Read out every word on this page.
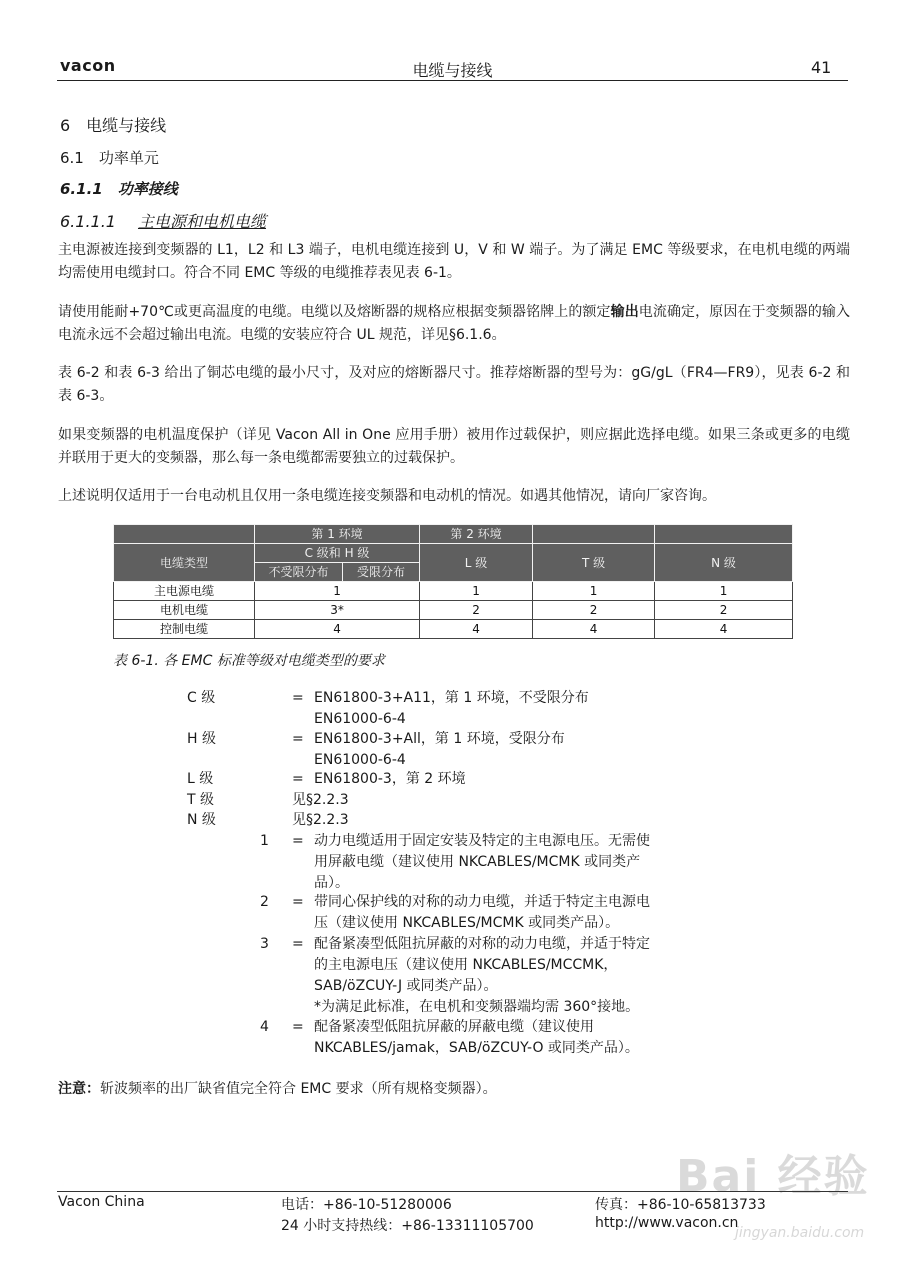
vacon	电缆与接线	41
6　电缆与接线
6.1　功率单元
6.1.1　功率接线
6.1.1.1 主电源和电机电缆
主电源被连接到变频器的 L1，L2 和 L3 端子，电机电缆连接到 U，V 和 W 端子。为了满足 EMC 等级要求，在电机电缆的两端均需使用电缆封口。符合不同 EMC 等级的电缆推荐表见表 6-1。
请使用能耐+70℃或更高温度的电缆。电缆以及熔断器的规格应根据变频器铭牌上的额定输出电流确定，原因在于变频器的输入电流永远不会超过输出电流。电缆的安装应符合 UL 规范，详见§6.1.6。
表 6-2 和表 6-3 给出了铜芯电缆的最小尺寸，及对应的熔断器尺寸。推荐熔断器的型号为：gG/gL（FR4—FR9），见表 6-2 和表 6-3。
如果变频器的电机温度保护（详见 Vacon All in One 应用手册）被用作过载保护，则应据此选择电缆。如果三条或更多的电缆并联用于更大的变频器，那么每一条电缆都需要独立的过载保护。
上述说明仅适用于一台电动机且仅用一条电缆连接变频器和电动机的情况。如遇其他情况，请向厂家咨询。
	第 1 环境		第 2 环境		
电缆类型	C 级和 H 级		L 级	T 级	N 级
	不受限分布	受限分布			
主电源电缆	1		1	1	1
电机电缆	3*		2	2	2
控制电缆	4		4	4	4
表 6-1. 各 EMC 标准等级对电缆类型的要求
C 级	= EN61800-3+A11，第 1 环境，不受限分布
EN61000-6-4
H 级	= EN61800-3+All，第 1 环境，受限分布
EN61000-6-4
L 级	= EN61800-3，第 2 环境
T 级	见§2.2.3
N 级	见§2.2.3
1 = 动力电缆适用于固定安装及特定的主电源电压。无需使
用屏蔽电缆（建议使用 NKCABLES/MCMK 或同类产
品）。
2 = 带同心保护线的对称的动力电缆，并适于特定主电源电
压（建议使用 NKCABLES/MCMK 或同类产品）。
3 = 配备紧凑型低阻抗屏蔽的对称的动力电缆，并适于特定
的主电源电压（建议使用 NKCABLES/MCCMK，
SAB/öZCUY-J 或同类产品）。
*为满足此标准，在电机和变频器端均需 360°接地。
4 = 配备紧凑型低阻抗屏蔽的屏蔽电缆（建议使用
NKCABLES/jamak，SAB/öZCUY-O 或同类产品）。
注意：斩波频率的出厂缺省值完全符合 EMC 要求（所有规格变频器）。
Bai 经验
jingyan.baidu.com
Vacon China	电话：+86-10-51280006
24 小时支持热线：+86-13311105700
传真：+86-10-65813733
http://www.vacon.cn
